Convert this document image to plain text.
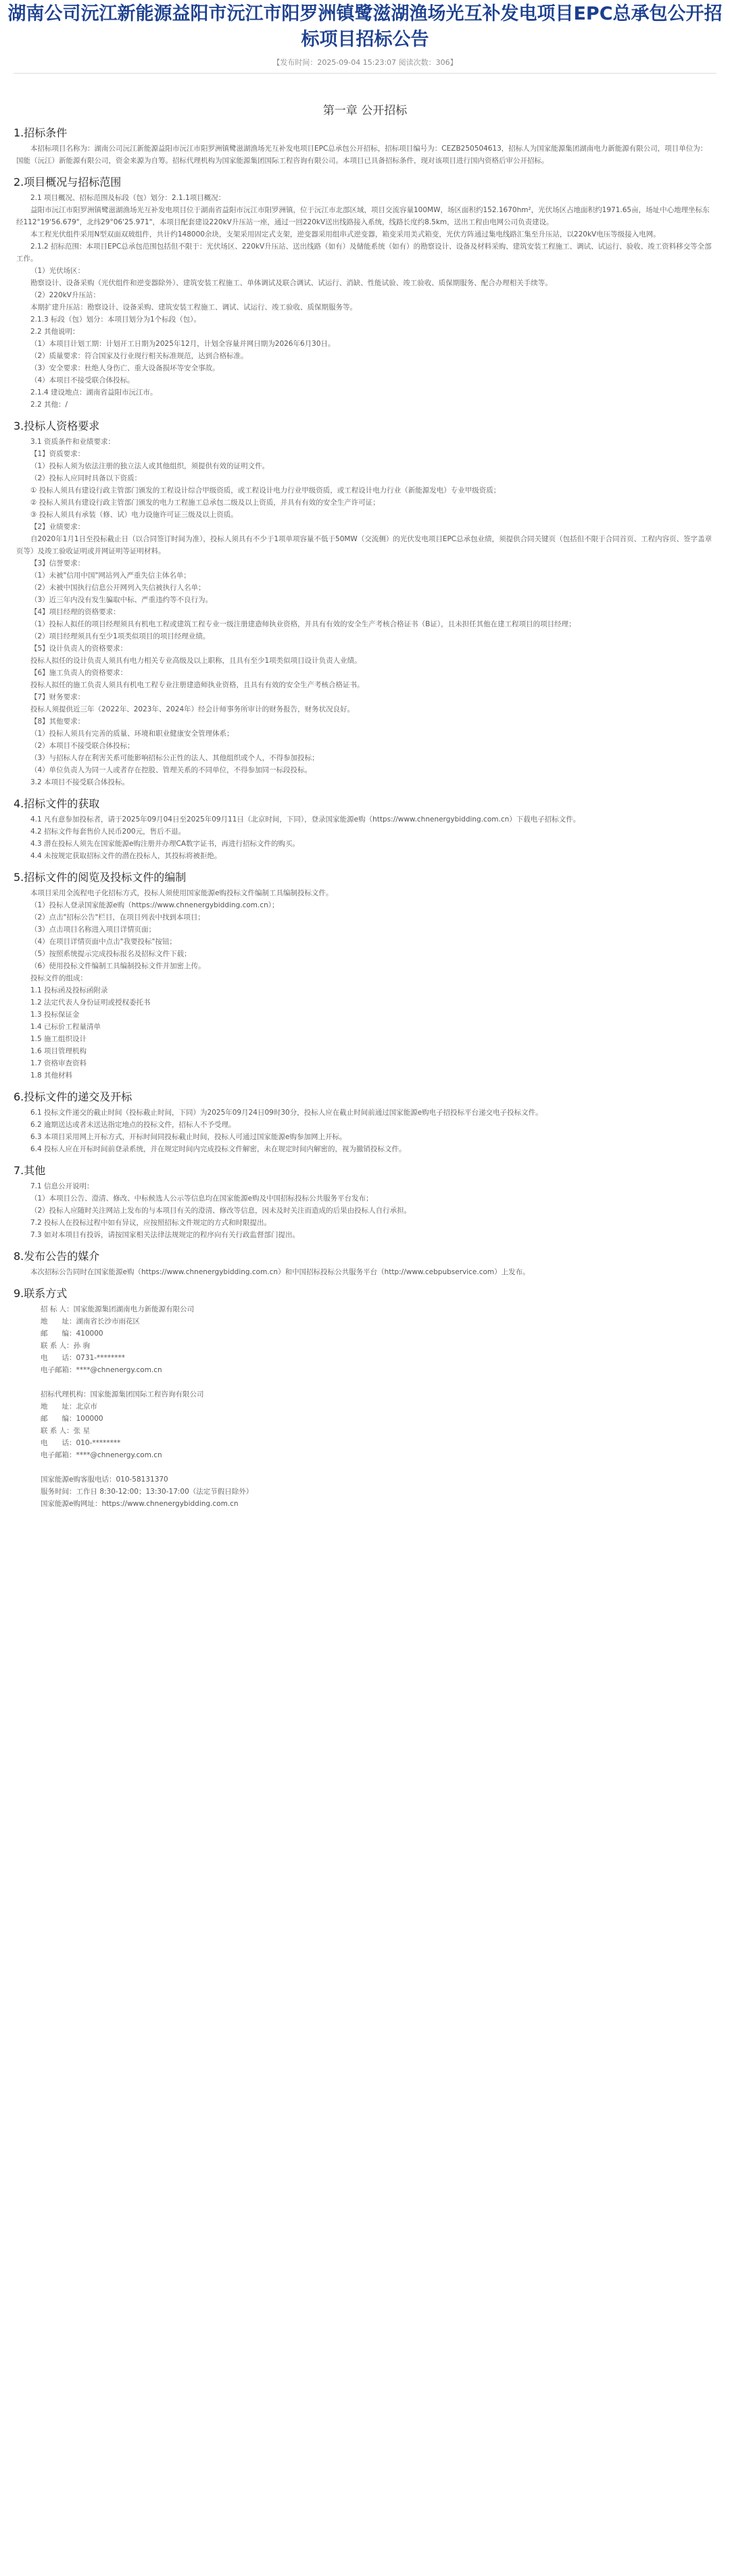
湖南公司沅江新能源益阳市沅江市阳罗洲镇鹭滋湖渔场光互补发电项目EPC总承包公开招标项目招标公告
【发布时间：2025-09-04 15:23:07 阅读次数：306】
第一章 公开招标
1.招标条件
本招标项目名称为：湖南公司沅江新能源益阳市沅江市阳罗洲镇鹭滋湖渔场光互补发电项目EPC总承包公开招标，招标项目编号为：CEZB250504613，招标人为国家能源集团湖南电力新能源有限公司，项目单位为：国能（沅江）新能源有限公司，资金来源为自筹。招标代理机构为国家能源集团国际工程咨询有限公司。本项目已具备招标条件，现对该项目进行国内资格后审公开招标。
2.项目概况与招标范围
2.1 项目概况、招标范围及标段（包）划分：2.1.1项目概况：
益阳市沅江市阳罗洲镇鹭滋湖渔场光互补发电项目位于湖南省益阳市沅江市阳罗洲镇，位于沅江市北部区域，项目交流容量100MW，场区面积约152.1670hm²，光伏场区占地面积约1971.65亩，场址中心地理坐标东经112°19'56.679"，北纬29°06'25.971"，本项目配套建设220kV升压站一座，通过一回220kV送出线路接入系统，线路长度约8.5km，送出工程由电网公司负责建设。
本工程光伏组件采用N型双面双玻组件，共计约148000余块，支架采用固定式支架，逆变器采用组串式逆变器，箱变采用美式箱变，光伏方阵通过集电线路汇集至升压站，以220kV电压等级接入电网。
2.1.2 招标范围：本项目EPC总承包范围包括但不限于：光伏场区、220kV升压站、送出线路（如有）及储能系统（如有）的勘察设计、设备及材料采购、建筑安装工程施工、调试、试运行、验收、竣工资料移交等全部工作。
（1）光伏场区：
勘察设计、设备采购（光伏组件和逆变器除外）、建筑安装工程施工、单体调试及联合调试、试运行、消缺、性能试验、竣工验收、质保期服务、配合办理相关手续等。
（2）220kV升压站：
本期扩建升压站：勘察设计、设备采购、建筑安装工程施工、调试、试运行、竣工验收、质保期服务等。
2.1.3 标段（包）划分：本项目划分为1个标段（包）。
2.2 其他说明：
（1）本项目计划工期：计划开工日期为2025年12月，计划全容量并网日期为2026年6月30日。
（2）质量要求：符合国家及行业现行相关标准规范，达到合格标准。
（3）安全要求：杜绝人身伤亡、重大设备损坏等安全事故。
（4）本项目不接受联合体投标。
2.1.4 建设地点：湖南省益阳市沅江市。
2.2 其他：/
3.投标人资格要求
3.1 资质条件和业绩要求：
【1】资质要求：
（1）投标人须为依法注册的独立法人或其他组织，须提供有效的证明文件。
（2）投标人应同时具备以下资质：
① 投标人须具有建设行政主管部门颁发的工程设计综合甲级资质，或工程设计电力行业甲级资质，或工程设计电力行业（新能源发电）专业甲级资质；
② 投标人须具有建设行政主管部门颁发的电力工程施工总承包二级及以上资质，并具有有效的安全生产许可证；
③ 投标人须具有承装（修、试）电力设施许可证三级及以上资质。
【2】业绩要求：
自2020年1月1日至投标截止日（以合同签订时间为准），投标人须具有不少于1项单项容量不低于50MW（交流侧）的光伏发电项目EPC总承包业绩，须提供合同关键页（包括但不限于合同首页、工程内容页、签字盖章页等）及竣工验收证明或并网证明等证明材料。
【3】信誉要求：
（1）未被"信用中国"网站列入严重失信主体名单；
（2）未被中国执行信息公开网列入失信被执行人名单；
（3）近三年内没有发生骗取中标、严重违约等不良行为。
【4】项目经理的资格要求：
（1）投标人拟任的项目经理须具有机电工程或建筑工程专业一级注册建造师执业资格，并具有有效的安全生产考核合格证书（B证），且未担任其他在建工程项目的项目经理；
（2）项目经理须具有至少1项类似项目的项目经理业绩。
【5】设计负责人的资格要求：
投标人拟任的设计负责人须具有电力相关专业高级及以上职称，且具有至少1项类似项目设计负责人业绩。
【6】施工负责人的资格要求：
投标人拟任的施工负责人须具有机电工程专业注册建造师执业资格，且具有有效的安全生产考核合格证书。
【7】财务要求：
投标人须提供近三年（2022年、2023年、2024年）经会计师事务所审计的财务报告，财务状况良好。
【8】其他要求：
（1）投标人须具有完善的质量、环境和职业健康安全管理体系；
（2）本项目不接受联合体投标；
（3）与招标人存在利害关系可能影响招标公正性的法人、其他组织或个人，不得参加投标；
（4）单位负责人为同一人或者存在控股、管理关系的不同单位，不得参加同一标段投标。
3.2 本项目不接受联合体投标。
4.招标文件的获取
4.1 凡有意参加投标者，请于2025年09月04日至2025年09月11日（北京时间，下同），登录国家能源e购（https://www.chnenergybidding.com.cn）下载电子招标文件。
4.2 招标文件每套售价人民币200元，售后不退。
4.3 潜在投标人须先在国家能源e购注册并办理CA数字证书，再进行招标文件的购买。
4.4 未按规定获取招标文件的潜在投标人，其投标将被拒绝。
5.招标文件的阅览及投标文件的编制
本项目采用全流程电子化招标方式，投标人须使用国家能源e购投标文件编制工具编制投标文件。
（1）投标人登录国家能源e购（https://www.chnenergybidding.com.cn）；
（2）点击"招标公告"栏目，在项目列表中找到本项目；
（3）点击项目名称进入项目详情页面；
（4）在项目详情页面中点击"我要投标"按钮；
（5）按照系统提示完成投标报名及招标文件下载；
（6）使用投标文件编制工具编制投标文件并加密上传。
投标文件的组成：
1.1 投标函及投标函附录
1.2 法定代表人身份证明或授权委托书
1.3 投标保证金
1.4 已标价工程量清单
1.5 施工组织设计
1.6 项目管理机构
1.7 资格审查资料
1.8 其他材料
6.投标文件的递交及开标
6.1 投标文件递交的截止时间（投标截止时间，下同）为2025年09月24日09时30分，投标人应在截止时间前通过国家能源e购电子招投标平台递交电子投标文件。
6.2 逾期送达或者未送达指定地点的投标文件，招标人不予受理。
6.3 本项目采用网上开标方式，开标时间同投标截止时间，投标人可通过国家能源e购参加网上开标。
6.4 投标人应在开标时间前登录系统，并在规定时间内完成投标文件解密，未在规定时间内解密的，视为撤销投标文件。
7.其他
7.1 信息公开说明：
（1）本项目公告、澄清、修改、中标候选人公示等信息均在国家能源e购及中国招标投标公共服务平台发布；
（2）投标人应随时关注网站上发布的与本项目有关的澄清、修改等信息，因未及时关注而造成的后果由投标人自行承担。
7.2 投标人在投标过程中如有异议，应按照招标文件规定的方式和时限提出。
7.3 如对本项目有投诉，请按国家相关法律法规规定的程序向有关行政监督部门提出。
8.发布公告的媒介
本次招标公告同时在国家能源e购（https://www.chnenergybidding.com.cn）和中国招标投标公共服务平台（http://www.cebpubservice.com）上发布。
9.联系方式
招 标 人：国家能源集团湖南电力新能源有限公司
地　　址：湖南省长沙市雨花区
邮　　编：410000
联 系 人：孙 驹
电　　话：0731-********
电子邮箱：****@chnenergy.com.cn
招标代理机构：国家能源集团国际工程咨询有限公司
地　　址：北京市
邮　　编：100000
联 系 人：张 星
电　　话：010-********
电子邮箱：****@chnenergy.com.cn
国家能源e购客服电话：010-58131370
服务时间：工作日 8:30-12:00；13:30-17:00（法定节假日除外）
国家能源e购网址：https://www.chnenergybidding.com.cn
